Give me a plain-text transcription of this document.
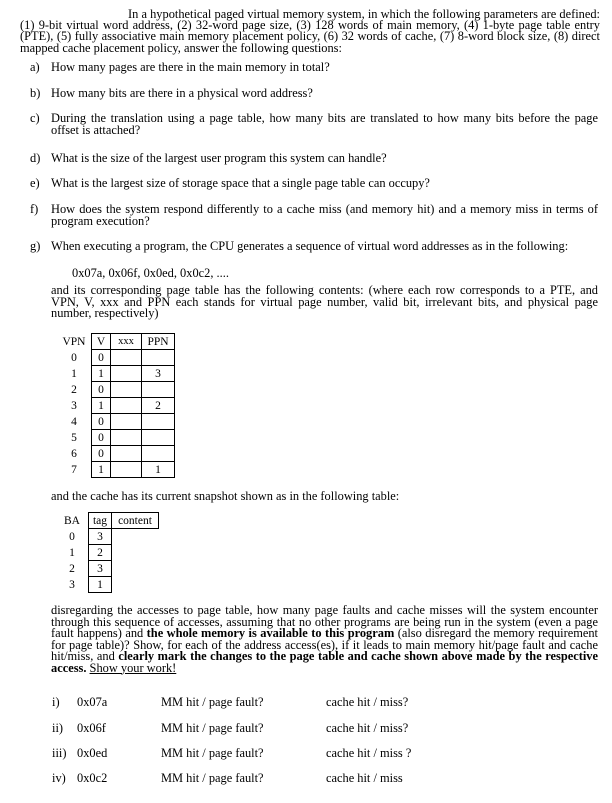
In a hypothetical paged virtual memory system, in which the following parameters are defined: (1) 9-bit virtual word address, (2) 32-word page size, (3) 128 words of main memory, (4) 1-byte page table entry (PTE), (5) fully associative main memory placement policy, (6) 32 words of cache, (7) 8-word block size, (8) direct mapped cache placement policy, answer the following questions:
a) How many pages are there in the main memory in total?
b) How many bits are there in a physical word address?
c) During the translation using a page table, how many bits are translated to how many bits before the page offset is attached?
d) What is the size of the largest user program this system can handle?
e) What is the largest size of storage space that a single page table can occupy?
f) How does the system respond differently to a cache miss (and memory hit) and a memory miss in terms of program execution?
g) When executing a program, the CPU generates a sequence of virtual word addresses as in the following:
0x07a, 0x06f, 0x0ed, 0x0c2, ....
and its corresponding page table has the following contents: (where each row corresponds to a PTE, and VPN, V, xxx and PPN each stands for virtual page number, valid bit, irrelevant bits, and physical page number, respectively)
VPN	V	xxx	PPN
0	0		
1	1		3
2	0		
3	1		2
4	0		
5	0		
6	0		
7	1		1
and the cache has its current snapshot shown as in the following table:
BA	tag	content
0	3	
1	2	
2	3	
3	1	
disregarding the accesses to page table, how many page faults and cache misses will the system encounter through this sequence of accesses, assuming that no other programs are being run in the system (even a page fault happens) and the whole memory is available to this program (also disregard the memory requirement for page table)? Show, for each of the address access(es), if it leads to main memory hit/page fault and cache hit/miss, and clearly mark the changes to the page table and cache shown above made by the respective access. Show your work!
i) 0x07a	MM hit / page fault?	cache hit / miss?
ii) 0x06f	MM hit / page fault?	cache hit / miss?
iii) 0x0ed	MM hit / page fault?	cache hit / miss ?
iv) 0x0c2	MM hit / page fault?	cache hit / miss
